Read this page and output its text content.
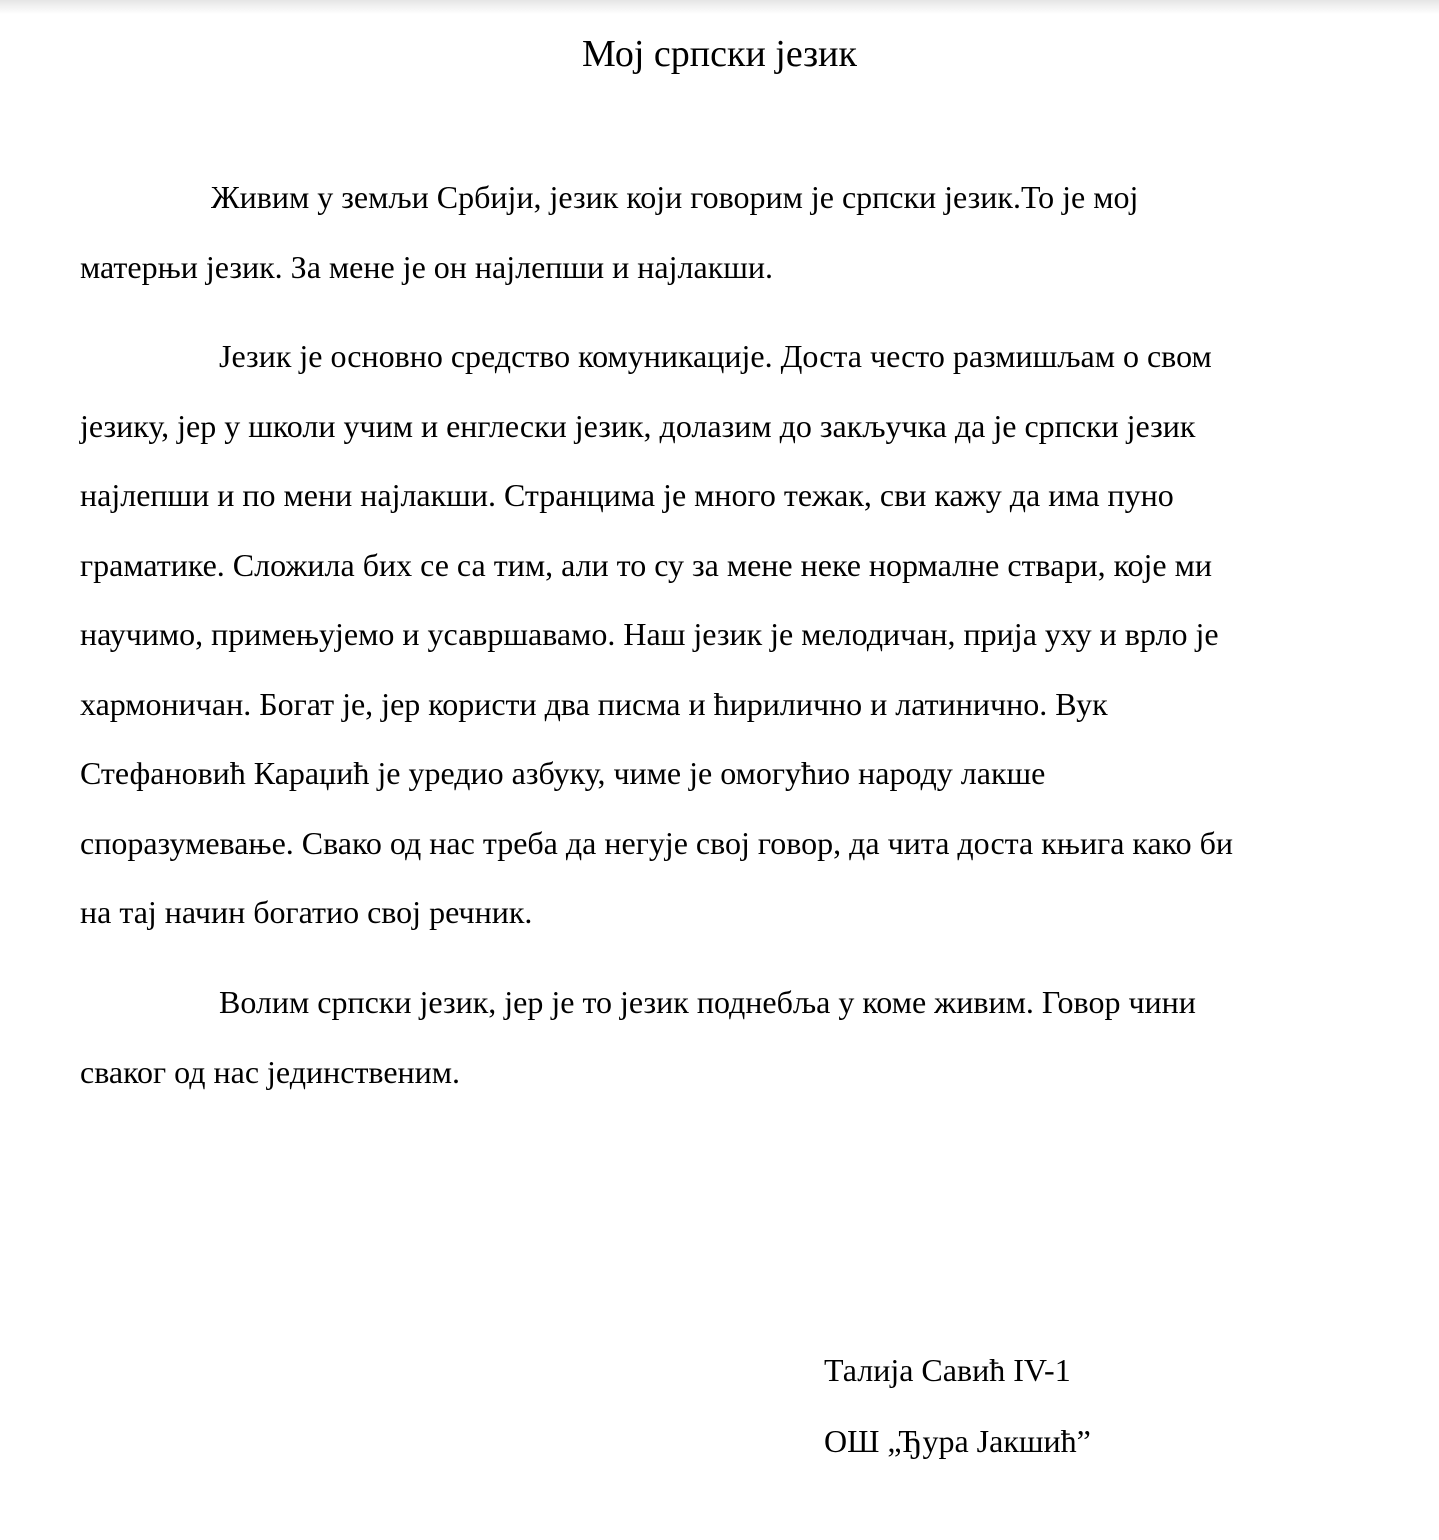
Мој српски језик

Живим у земљи Србији, језик који говорим је српски језик.То је мој

матерњи језик. За мене је он најлепши и најлакши.

Језик је основно средство комуникације. Доста често размишљам о свом

језику, јер у школи учим и енглески језик, долазим до закључка да је српски језик

најлепши и по мени најлакши. Странцима је много тежак, сви кажу да има пуно

граматике. Сложила бих се са тим, али то су за мене неке нормалне ствари, које ми

научимо, примењујемо и усавршавамо. Наш језик је мелодичан, прија уху и врло је

хармоничан. Богат је, јер користи два писма и ћирилично и латинично. Вук

Стефановић Караџић је уредио азбуку, чиме је омогућио народу лакше

споразумевање. Свако од нас треба да негује свој говор, да чита доста књига како би

на тај начин богатио свој речник.

Волим српски језик, јер је то језик поднебља у коме живим. Говор чини

сваког од нас јединственим.

Талија Савић IV-1

ОШ „Ђура Јакшић”
